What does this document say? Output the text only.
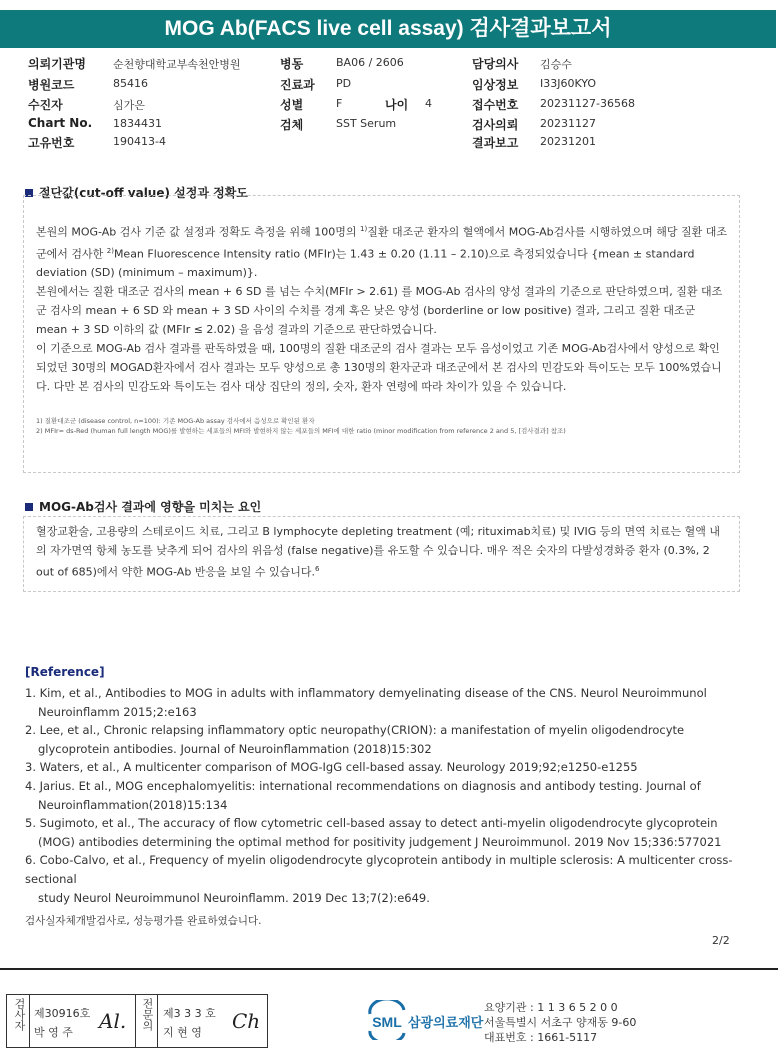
MOG Ab(FACS live cell assay) 검사결과보고서
의뢰기관명 순천향대학교부속천안병원
병원코드	85416
수진자	심가은
Chart No. 1834431
고유번호	190413-4
병동	BA06 / 2606
진료과 PD
성별	F	나이 4
검체	SST Serum
담당의사 김승수
임상정보 I33J60KYO
접수번호 20231127-36568
검사의뢰 20231127
결과보고 20231201
절단값(cut-off value) 설정과 정확도
본원의 MOG-Ab 검사 기준 값 설정과 정확도 측정을 위해 100명의 $^{1)}$질환 대조군 환자의 혈액에서 MOG-Ab검사를 시행하였으며 해당 질환 대조군에서 검사한 $^{2)}$Mean Fluorescence Intensity ratio (MFIr)는 1.43 ± 0.20 (1.11 – 2.10)으로 측정되었습니다 {mean ± standard deviation (SD) (minimum – maximum)}.
본원에서는 질환 대조군 검사의 mean + 6 SD 를 넘는 수치(MFIr > 2.61) 를 MOG-Ab 검사의 양성 결과의 기준으로 판단하였으며, 질환 대조군 검사의 mean + 6 SD 와 mean + 3 SD 사이의 수치를 경계 혹은 낮은 양성 (borderline or low positive) 결과, 그리고 질환 대조군 mean + 3 SD 이하의 값 (MFIr ≤ 2.02) 을 음성 결과의 기준으로 판단하였습니다.
이 기준으로 MOG-Ab 검사 결과를 판독하였을 때, 100명의 질환 대조군의 검사 결과는 모두 음성이었고 기존 MOG-Ab검사에서 양성으로 확인되었던 30명의 MOGAD환자에서 검사 결과는 모두 양성으로 총 130명의 환자군과 대조군에서 본 검사의 민감도와 특이도는 모두 100%였습니다. 다만 본 검사의 민감도와 특이도는 검사 대상 집단의 정의, 숫자, 환자 연령에 따라 차이가 있을 수 있습니다.
1) 질환대조군 (disease control, n=100): 기존 MOG-Ab assay 검사에서 음성으로 확인된 환자
2) MFIr= ds-Red (human full length MOG)를 발현하는 세포들의 MFI와 발현하지 않는 세포들의 MFI에 대한 ratio (minor modification from reference 2 and 5, [검사결과] 참조)
MOG-Ab검사 결과에 영향을 미치는 요인
혈장교환술, 고용량의 스테로이드 치료, 그리고 B lymphocyte depleting treatment (예; rituximab치료) 및 IVIG 등의 면역 치료는 혈액 내의 자가면역 항체 농도를 낮추게 되어 검사의 위음성 (false negative)를 유도할 수 있습니다. 매우 적은 숫자의 다발성경화증 환자 (0.3%, 2 out of 685)에서 약한 MOG-Ab 반응을 보일 수 있습니다.$^6$
[Reference]
1. Kim, et al., Antibodies to MOG in adults with inflammatory demyelinating disease of the CNS. Neurol Neuroimmunol Neuroinflamm 2015;2:e163
2. Lee, et al., Chronic relapsing inflammatory optic neuropathy(CRION): a manifestation of myelin oligodendrocyte glycoprotein antibodies. Journal of Neuroinflammation (2018)15:302
3. Waters, et al., A multicenter comparison of MOG-IgG cell-based assay. Neurology 2019;92;e1250-e1255
4. Jarius. Et al., MOG encephalomyelitis: international recommendations on diagnosis and antibody testing. Journal of Neuroinflammation(2018)15:134
5. Sugimoto, et al., The accuracy of flow cytometric cell-based assay to detect anti-myelin oligodendrocyte glycoprotein (MOG) antibodies determining the optimal method for positivity judgement J Neuroimmunol. 2019 Nov 15;336:577021
6. Cobo-Calvo, et al., Frequency of myelin oligodendrocyte glycoprotein antibody in multiple sclerosis: A multicenter cross-sectional
study Neurol Neuroimmunol Neuroinflamm. 2019 Dec 13;7(2):e649.
검사실자체개발검사로, 성능평가를 완료하였습니다.
2/2
검사자 제30916호
박 영 주 Al. 전문의 제3 3 3 호
지 현 영 Ch	SML 삼광의료재단
요양기관 : 1 1 3 6 5 2 0 0
서울특별시 서초구 양재동 9-60
대표번호 : 1661-5117
